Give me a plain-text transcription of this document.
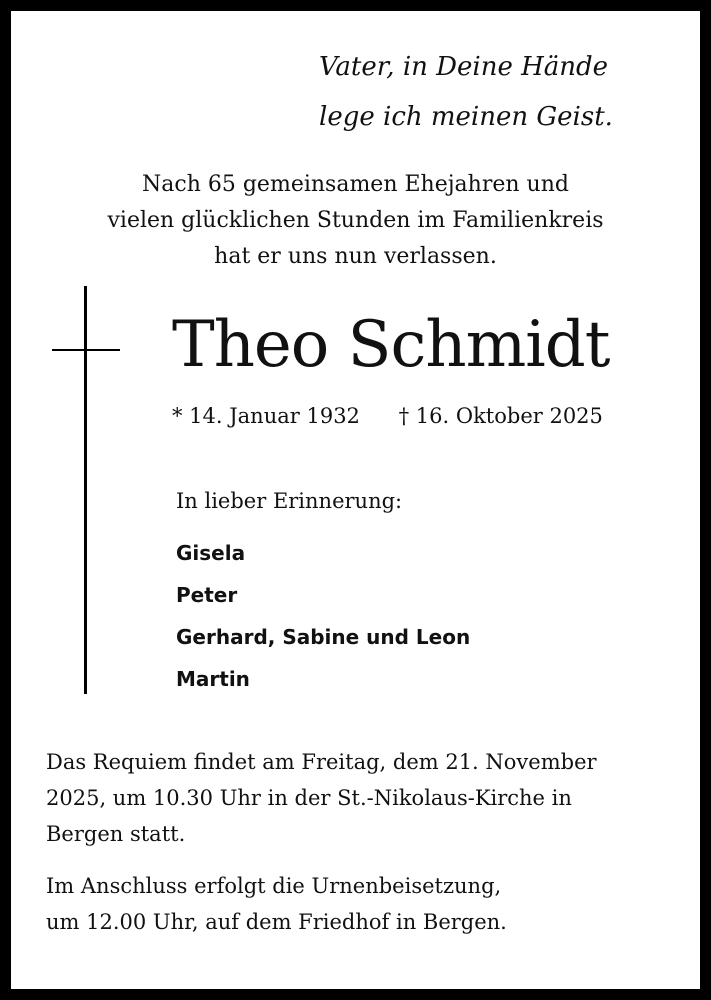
Vater, in Deine Hände
lege ich meinen Geist.
Nach 65 gemeinsamen Ehejahren und
vielen glücklichen Stunden im Familienkreis
hat er uns nun verlassen.
Theo Schmidt
* 14. Januar 1932 † 16. Oktober 2025
In lieber Erinnerung:
Gisela
Peter
Gerhard, Sabine und Leon
Martin
Das Requiem findet am Freitag, dem 21. November
2025, um 10.30 Uhr in der St.-Nikolaus-Kirche in
Bergen statt.
Im Anschluss erfolgt die Urnenbeisetzung,
um 12.00 Uhr, auf dem Friedhof in Bergen.
